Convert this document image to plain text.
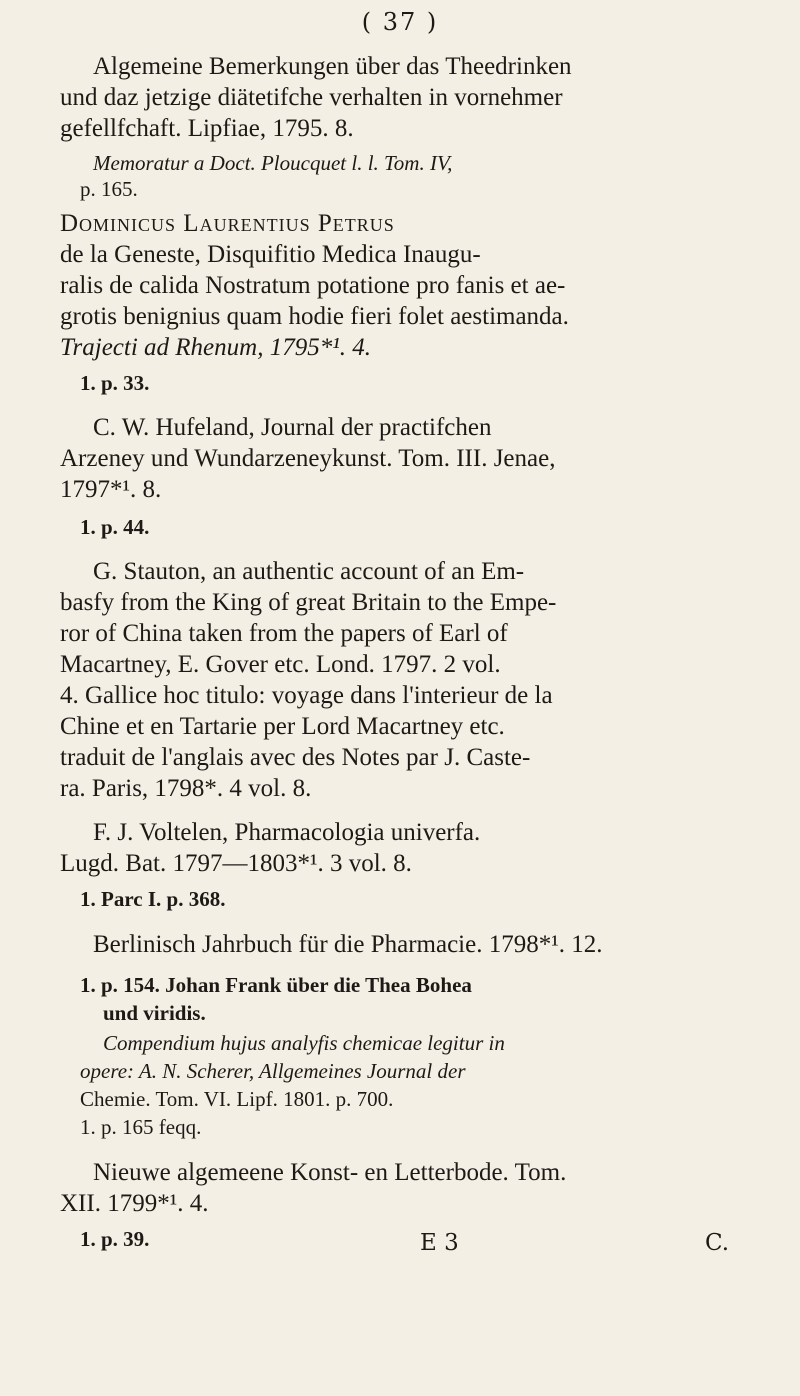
( 37 )
Algemeine Bemerkungen über das Theedrinken
und daz jetzige diätetifche verhalten in vornehmer
gefellfchaft. Lipfiae, 1795. 8.
Memoratur a Doct. Ploucquet l. l. Tom. IV,
p. 165.
Dominicus Laurentius Petrus
de la Geneste, Disquifitio Medica Inaugu-
ralis de calida Nostratum potatione pro fanis et ae-
grotis benignius quam hodie fieri folet aestimanda.
Trajecti ad Rhenum, 1795*¹. 4.
1. p. 33.
C. W. Hufeland, Journal der practifchen
Arzeney und Wundarzeneykunst. Tom. III. Jenae,
1797*¹. 8.
1. p. 44.
G. Stauton, an authentic account of an Em-
basfy from the King of great Britain to the Empe-
ror of China taken from the papers of Earl of
Macartney, E. Gover etc. Lond. 1797. 2 vol.
4. Gallice hoc titulo: voyage dans l'interieur de la
Chine et en Tartarie per Lord Macartney etc.
traduit de l'anglais avec des Notes par J. Caste-
ra. Paris, 1798*. 4 vol. 8.
F. J. Voltelen, Pharmacologia univerfa.
Lugd. Bat. 1797—1803*¹. 3 vol. 8.
1. Parc I. p. 368.
Berlinisch Jahrbuch für die Pharmacie. 1798*¹. 12.
1. p. 154. Johan Frank über die Thea Bohea
und viridis.
Compendium hujus analyfis chemicae legitur in
opere: A. N. Scherer, Allgemeines Journal der
Chemie. Tom. VI. Lipf. 1801. p. 700.
1. p. 165 feqq.
Nieuwe algemeene Konst- en Letterbode. Tom.
XII. 1799*¹. 4.
1. p. 39.	E 3	C.
